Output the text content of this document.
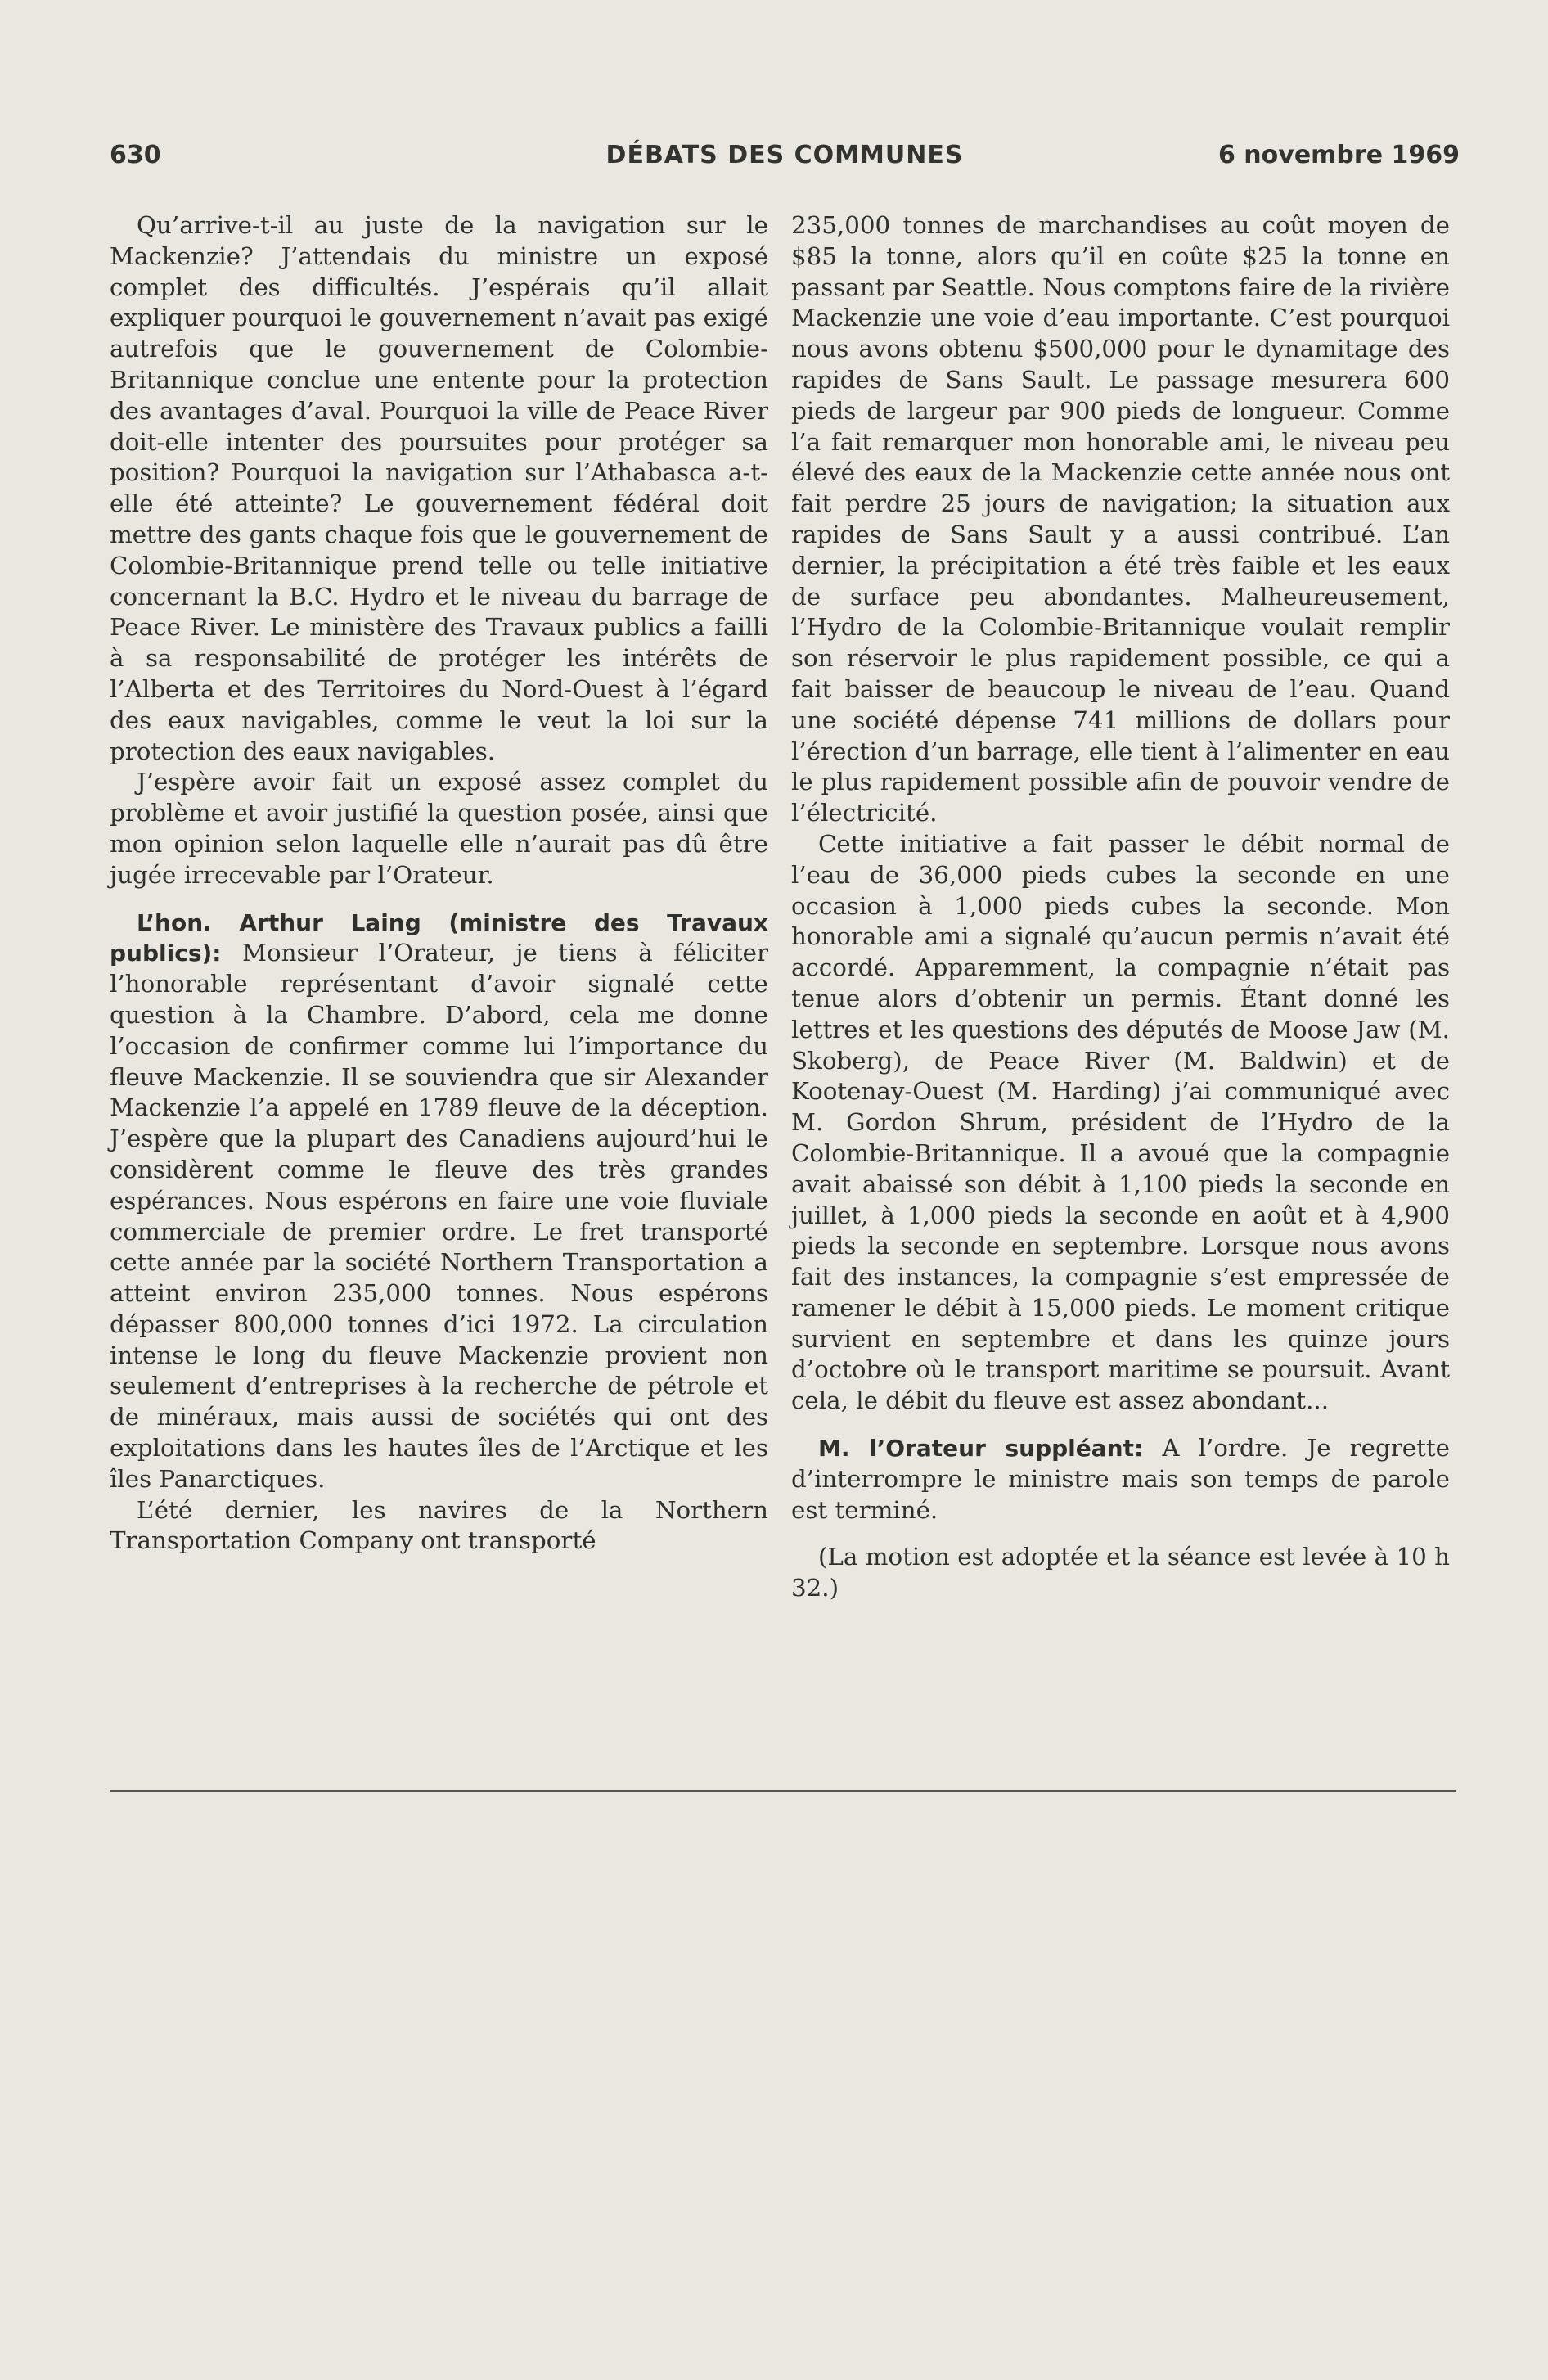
630	DÉBATS DES COMMUNES	6 novembre 1969

Qu’arrive-t-il au juste de la navigation sur le Mackenzie? J’attendais du ministre un exposé complet des difficultés. J’espérais qu’il allait expliquer pourquoi le gouvernement n’avait pas exigé autrefois que le gouvernement de Colombie-Britannique conclue une entente pour la protection des avantages d’aval. Pourquoi la ville de Peace River doit-elle intenter des poursuites pour protéger sa position? Pourquoi la navigation sur l’Athabasca a-t-elle été atteinte? Le gouvernement fédéral doit mettre des gants chaque fois que le gouvernement de Colombie-Britannique prend telle ou telle initiative concernant la B.C. Hydro et le niveau du barrage de Peace River. Le ministère des Travaux publics a failli à sa responsabilité de protéger les intérêts de l’Alberta et des Territoires du Nord-Ouest à l’égard des eaux navigables, comme le veut la loi sur la protection des eaux navigables.

J’espère avoir fait un exposé assez complet du problème et avoir justifié la question posée, ainsi que mon opinion selon laquelle elle n’aurait pas dû être jugée irrecevable par l’Orateur.

L’hon. Arthur Laing (ministre des Travaux publics): Monsieur l’Orateur, je tiens à féliciter l’honorable représentant d’avoir signalé cette question à la Chambre. D’abord, cela me donne l’occasion de confirmer comme lui l’importance du fleuve Mackenzie. Il se souviendra que sir Alexander Mackenzie l’a appelé en 1789 fleuve de la déception. J’espère que la plupart des Canadiens aujourd’hui le considèrent comme le fleuve des très grandes espérances. Nous espérons en faire une voie fluviale commerciale de premier ordre. Le fret transporté cette année par la société Northern Transportation a atteint environ 235,000 tonnes. Nous espérons dépasser 800,000 tonnes d’ici 1972. La circulation intense le long du fleuve Mackenzie provient non seulement d’entreprises à la recherche de pétrole et de minéraux, mais aussi de sociétés qui ont des exploitations dans les hautes îles de l’Arctique et les îles Panarctiques.

L’été dernier, les navires de la Northern Transportation Company ont transporté

235,000 tonnes de marchandises au coût moyen de $85 la tonne, alors qu’il en coûte $25 la tonne en passant par Seattle. Nous comptons faire de la rivière Mackenzie une voie d’eau importante. C’est pourquoi nous avons obtenu $500,000 pour le dynamitage des rapides de Sans Sault. Le passage mesurera 600 pieds de largeur par 900 pieds de longueur. Comme l’a fait remarquer mon honorable ami, le niveau peu élevé des eaux de la Mackenzie cette année nous ont fait perdre 25 jours de navigation; la situation aux rapides de Sans Sault y a aussi contribué. L’an dernier, la précipitation a été très faible et les eaux de surface peu abondantes. Malheureusement, l’Hydro de la Colombie-Britannique voulait remplir son réservoir le plus rapidement possible, ce qui a fait baisser de beaucoup le niveau de l’eau. Quand une société dépense 741 millions de dollars pour l’érection d’un barrage, elle tient à l’alimenter en eau le plus rapidement possible afin de pouvoir vendre de l’électricité.

Cette initiative a fait passer le débit normal de l’eau de 36,000 pieds cubes la seconde en une occasion à 1,000 pieds cubes la seconde. Mon honorable ami a signalé qu’aucun permis n’avait été accordé. Apparemment, la compagnie n’était pas tenue alors d’obtenir un permis. Étant donné les lettres et les questions des députés de Moose Jaw (M. Skoberg), de Peace River (M. Baldwin) et de Kootenay-Ouest (M. Harding) j’ai communiqué avec M. Gordon Shrum, président de l’Hydro de la Colombie-Britannique. Il a avoué que la compagnie avait abaissé son débit à 1,100 pieds la seconde en juillet, à 1,000 pieds la seconde en août et à 4,900 pieds la seconde en septembre. Lorsque nous avons fait des instances, la compagnie s’est empressée de ramener le débit à 15,000 pieds. Le moment critique survient en septembre et dans les quinze jours d’octobre où le transport maritime se poursuit. Avant cela, le débit du fleuve est assez abondant...

M. l’Orateur suppléant: A l’ordre. Je regrette d’interrompre le ministre mais son temps de parole est terminé.

(La motion est adoptée et la séance est levée à 10 h 32.)
